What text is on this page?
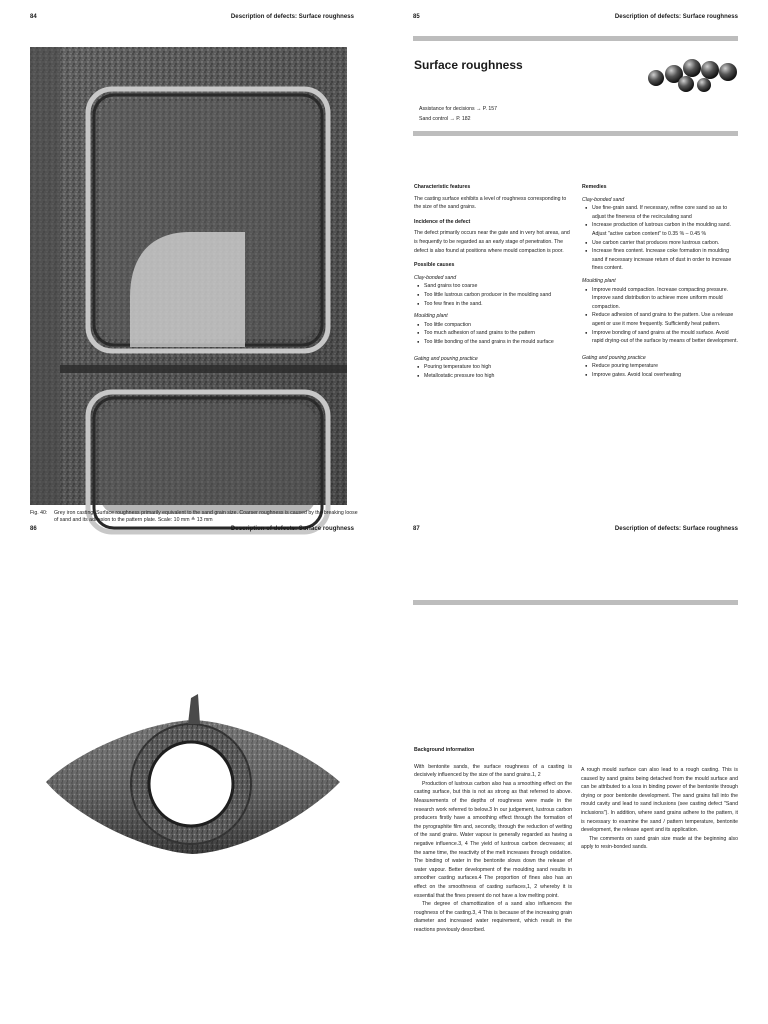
84	Description of defects: Surface roughness
Fig. 40: Grey iron casting. Surface roughness primarily equivalent to the sand grain size. Coarser roughness is caused by the breaking loose of sand and its adhesion to the pattern plate. Scale: 10 mm ≙ 13 mm
85	Description of defects: Surface roughness
Surface roughness
Assistance for decisions → P. 157
Sand control → P. 182
Characteristic features

The casting surface exhibits a level of roughness corresponding to the size of the sand grains.

Incidence of the defect

The defect primarily occurs near the gate and in very hot areas, and is frequently to be regarded as an early stage of penetration. The defect is also found at positions where mould compaction is poor.

Possible causes
Clay-bonded sand
● Sand grains too coarse
● Too little lustrous carbon producer in the moulding sand
● Too few fines in the sand.
Moulding plant
● Too little compaction
● Too much adhesion of sand grains to the pattern
● Too little bonding of the sand grains in the mould surface
Gating and pouring practice
● Pouring temperature too high
● Metallostatic pressure too high
Remedies
Clay-bonded sand
● Use fine-grain sand. If necessary, refine core sand so as to adjust the fineness of the recirculating sand
● Increase production of lustrous carbon in the moulding sand. Adjust "active carbon content" to 0.35 % – 0.45 %
● Use carbon carrier that produces more lustrous carbon.
● Increase fines content. Increase coke formation in moulding sand if necessary increase return of dust in order to increase fines content.
Moulding plant
● Improve mould compaction. Increase compacting pressure. Improve sand distribution to achieve more uniform mould compaction.
● Reduce adhesion of sand grains to the pattern. Use a release agent or use it more frequently. Sufficiently heat pattern.
● Improve bonding of sand grains at the mould surface. Avoid rapid drying-out of the surface by means of better development.
Gating and pouring practice
● Reduce pouring temperature
● Improve gates. Avoid local overheating
86	Description of defects: Surface roughness	87	Description of defects: Surface roughness
Background information

With bentonite sands, the surface roughness of a casting is decisively influenced by the size of the sand grains.1, 2

Production of lustrous carbon also has a smoothing effect on the casting surface, but this is not as strong as that referred to above. Measurements of the depths of roughness were made in the research work referred to below.3 In our judgement, lustrous carbon producers firstly have a smoothing effect through the formation of the pyrographite film and, secondly, through the reduction of wetting of the sand grains. Water vapour is generally regarded as having a negative influence.3, 4 The yield of lustrous carbon decreases; at the same time, the reactivity of the melt increases through oxidation. The binding of water in the bentonite slows down the release of water vapour. Better development of the moulding sand results in smoother casting surfaces.4 The proportion of fines also has an effect on the smoothness of casting surfaces,1, 2 whereby it is essential that the fines present do not have a low melting point.

The degree of chamottization of a sand also influences the roughness of the casting.3, 4 This is because of the increasing grain diameter and increased water requirement, which result in the reactions previously described.

A rough mould surface can also lead to a rough casting. This is caused by sand grains being detached from the mould surface and can be attributed to a loss in binding power of the bentonite through drying or poor bentonite development. The sand grains fall into the mould cavity and lead to sand inclusions (see casting defect "Sand inclusions"). In addition, where sand grains adhere to the pattern, it is necessary to examine the sand / pattern temperature, bentonite development, the release agent and its application.

The comments on sand grain size made at the beginning also apply to resin-bonded sands.
